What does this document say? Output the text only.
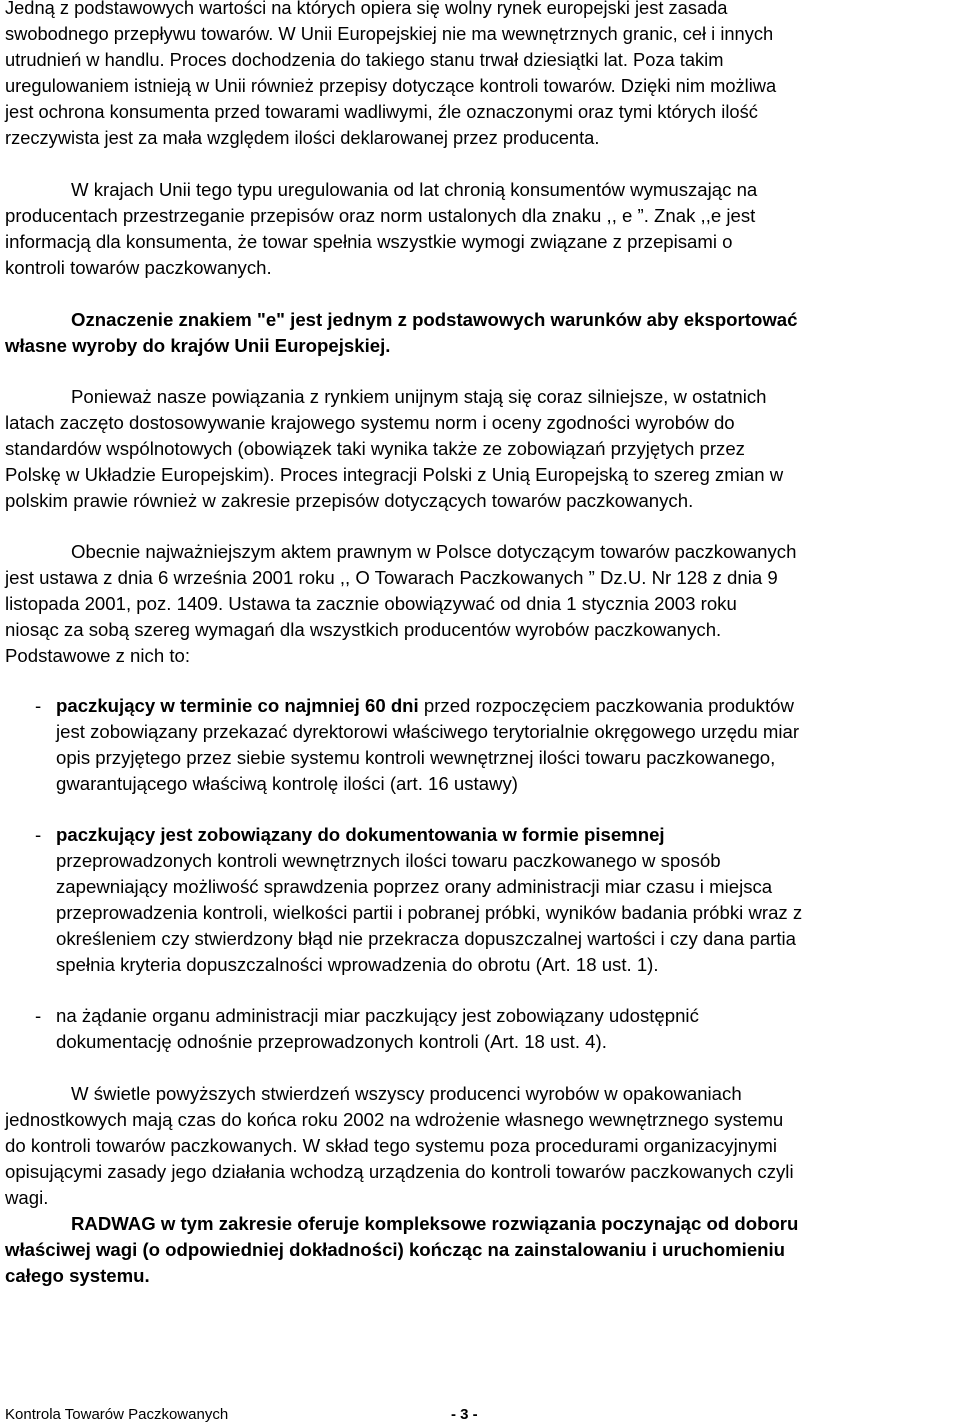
Jedną z podstawowych wartości na których opiera się wolny rynek europejski jest zasada
swobodnego przepływu towarów. W Unii Europejskiej nie ma wewnętrznych granic, ceł i innych
utrudnień w handlu. Proces dochodzenia do takiego stanu trwał dziesiątki lat. Poza takim
uregulowaniem istnieją w Unii również przepisy dotyczące kontroli towarów. Dzięki nim możliwa
jest ochrona konsumenta przed towarami wadliwymi, źle oznaczonymi oraz tymi których ilość
rzeczywista jest za mała względem ilości deklarowanej przez producenta.
W krajach Unii tego typu uregulowania od lat chronią konsumentów wymuszając na
producentach przestrzeganie przepisów oraz norm ustalonych dla znaku ,, e ”. Znak ,,e jest
informacją dla konsumenta, że towar spełnia wszystkie wymogi związane z przepisami o
kontroli towarów paczkowanych.
Oznaczenie znakiem "e" jest jednym z podstawowych warunków aby eksportować
własne wyroby do krajów Unii Europejskiej.
Ponieważ nasze powiązania z rynkiem unijnym stają się coraz silniejsze, w ostatnich
latach zaczęto dostosowywanie krajowego systemu norm i oceny zgodności wyrobów do
standardów wspólnotowych (obowiązek taki wynika także ze zobowiązań przyjętych przez
Polskę w Układzie Europejskim). Proces integracji Polski z Unią Europejską to szereg zmian w
polskim prawie również w zakresie przepisów dotyczących towarów paczkowanych.
Obecnie najważniejszym aktem prawnym w Polsce dotyczącym towarów paczkowanych
jest ustawa z dnia 6 września 2001 roku ,, O Towarach Paczkowanych ” Dz.U. Nr 128 z dnia 9
listopada 2001, poz. 1409. Ustawa ta zacznie obowiązywać od dnia 1 stycznia 2003 roku
niosąc za sobą szereg wymagań dla wszystkich producentów wyrobów paczkowanych.
Podstawowe z nich to:
- paczkujący w terminie co najmniej 60 dni przed rozpoczęciem paczkowania produktów
jest zobowiązany przekazać dyrektorowi właściwego terytorialnie okręgowego urzędu miar
opis przyjętego przez siebie systemu kontroli wewnętrznej ilości towaru paczkowanego,
gwarantującego właściwą kontrolę ilości (art. 16 ustawy)
- paczkujący jest zobowiązany do dokumentowania w formie pisemnej
przeprowadzonych kontroli wewnętrznych ilości towaru paczkowanego w sposób
zapewniający możliwość sprawdzenia poprzez orany administracji miar czasu i miejsca
przeprowadzenia kontroli, wielkości partii i pobranej próbki, wyników badania próbki wraz z
określeniem czy stwierdzony błąd nie przekracza dopuszczalnej wartości i czy dana partia
spełnia kryteria dopuszczalności wprowadzenia do obrotu (Art. 18 ust. 1).
- na żądanie organu administracji miar paczkujący jest zobowiązany udostępnić
dokumentację odnośnie przeprowadzonych kontroli (Art. 18 ust. 4).
W świetle powyższych stwierdzeń wszyscy producenci wyrobów w opakowaniach
jednostkowych mają czas do końca roku 2002 na wdrożenie własnego wewnętrznego systemu
do kontroli towarów paczkowanych. W skład tego systemu poza procedurami organizacyjnymi
opisującymi zasady jego działania wchodzą urządzenia do kontroli towarów paczkowanych czyli
wagi.
RADWAG w tym zakresie oferuje kompleksowe rozwiązania poczynając od doboru
właściwej wagi (o odpowiedniej dokładności) kończąc na zainstalowaniu i uruchomieniu
całego systemu.
Kontrola Towarów Paczkowanych	- 3 -
